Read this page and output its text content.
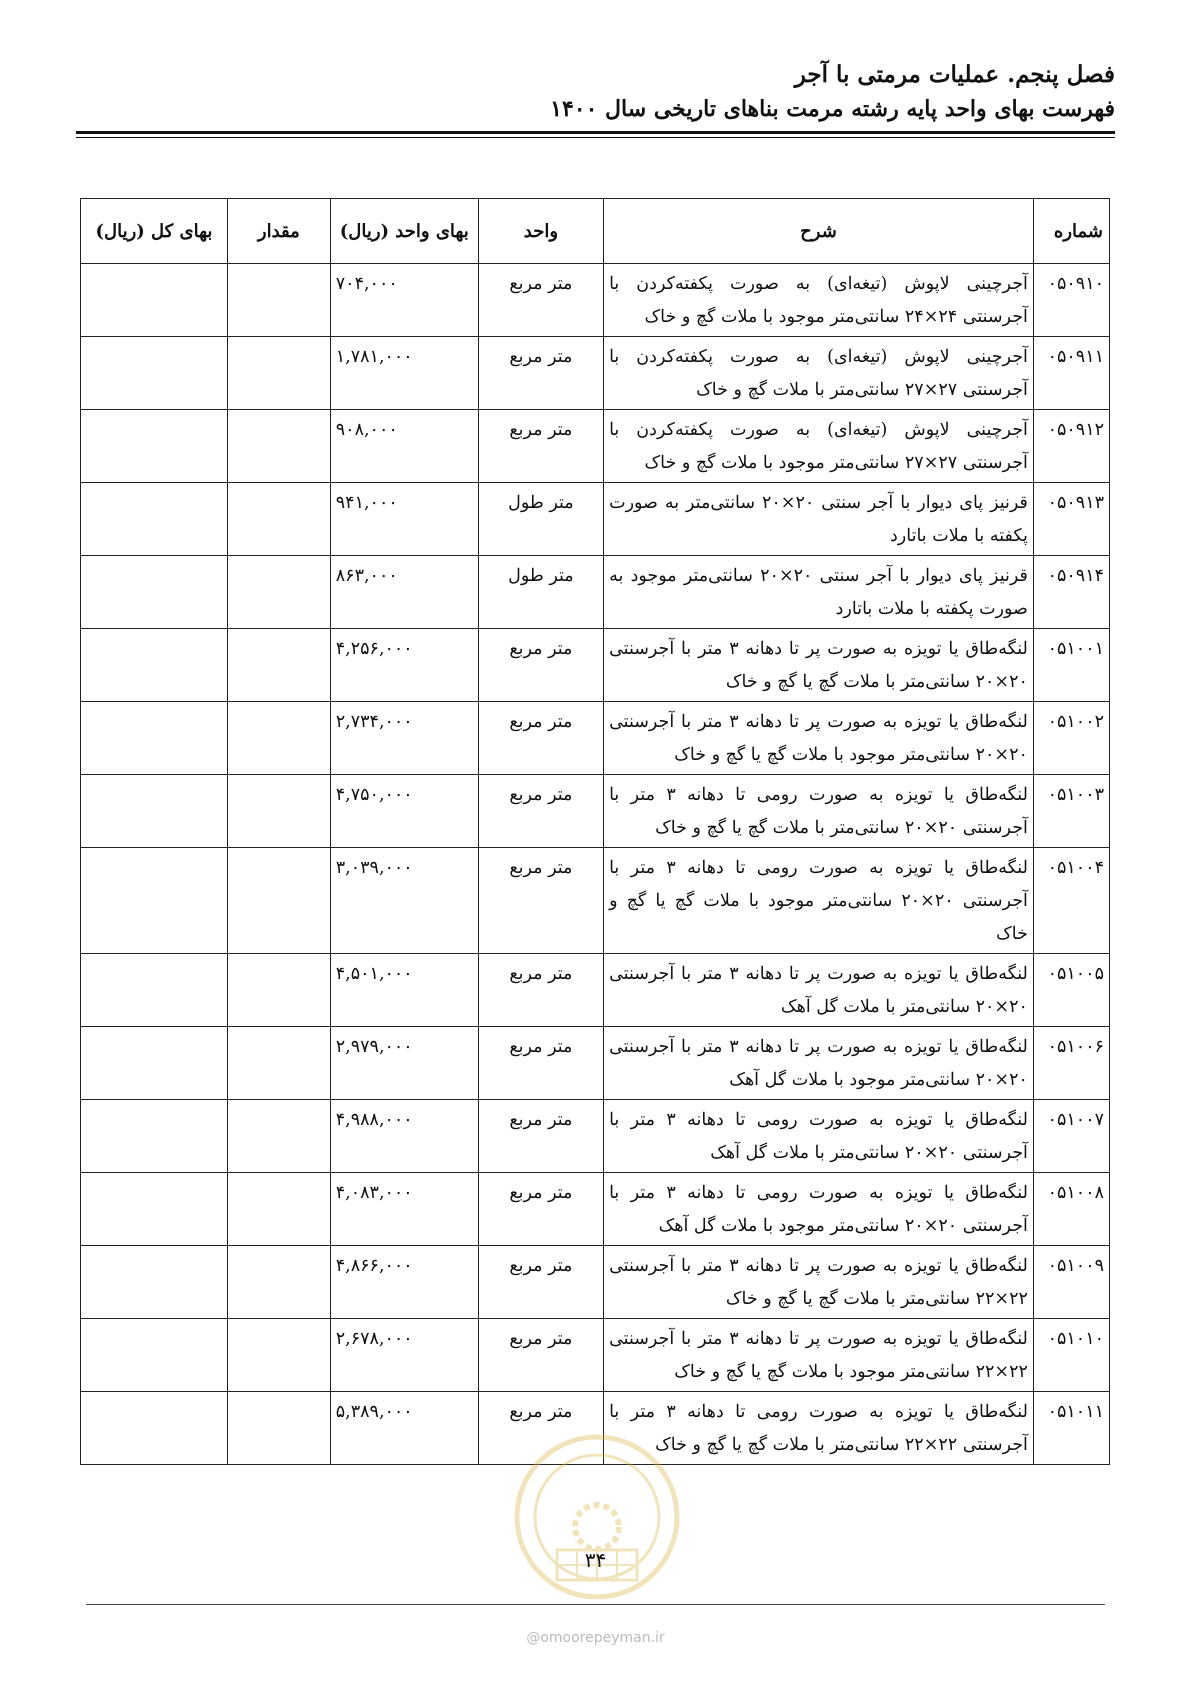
فصل پنجم. عملیات مرمتی با آجر
فهرست بهای واحد پایه رشته مرمت بناهای تاریخی سال ۱۴۰۰
شماره	شرح	واحد	بهای واحد (ریال)	مقدار	بهای کل (ریال)
۰۵۰۹۱۰	آجرچینی لاپوش (تیغه‌ای) به صورت پکفته‌کردن با آجرسنتی ۲۴×۲۴ سانتی‌متر موجود با ملات گچ و خاک	متر مربع	۷۰۴,۰۰۰		
۰۵۰۹۱۱	آجرچینی لاپوش (تیغه‌ای) به صورت پکفته‌کردن با آجرسنتی ۲۷×۲۷ سانتی‌متر با ملات گچ و خاک	متر مربع	۱,۷۸۱,۰۰۰		
۰۵۰۹۱۲	آجرچینی لاپوش (تیغه‌ای) به صورت پکفته‌کردن با آجرسنتی ۲۷×۲۷ سانتی‌متر موجود با ملات گچ و خاک	متر مربع	۹۰۸,۰۰۰		
۰۵۰۹۱۳	قرنیز پای دیوار با آجر سنتی ۲۰×۲۰ سانتی‌متر به صورت پکفته با ملات باتارد	متر طول	۹۴۱,۰۰۰		
۰۵۰۹۱۴	قرنیز پای دیوار با آجر سنتی ۲۰×۲۰ سانتی‌متر موجود به صورت پکفته با ملات باتارد	متر طول	۸۶۳,۰۰۰		
۰۵۱۰۰۱	لنگه‌طاق یا تویزه به صورت پر تا دهانه ۳ متر با آجرسنتی ۲۰×۲۰ سانتی‌متر با ملات گچ یا گچ و خاک	متر مربع	۴,۲۵۶,۰۰۰		
۰۵۱۰۰۲	لنگه‌طاق یا تویزه به صورت پر تا دهانه ۳ متر با آجرسنتی ۲۰×۲۰ سانتی‌متر موجود با ملات گچ یا گچ و خاک	متر مربع	۲,۷۳۴,۰۰۰		
۰۵۱۰۰۳	لنگه‌طاق یا تویزه به صورت رومی تا دهانه ۳ متر با آجرسنتی ۲۰×۲۰ سانتی‌متر با ملات گچ یا گچ و خاک	متر مربع	۴,۷۵۰,۰۰۰		
۰۵۱۰۰۴	لنگه‌طاق یا تویزه به صورت رومی تا دهانه ۳ متر با آجرسنتی ۲۰×۲۰ سانتی‌متر موجود با ملات گچ یا گچ و خاک	متر مربع	۳,۰۳۹,۰۰۰		
۰۵۱۰۰۵	لنگه‌طاق یا تویزه به صورت پر تا دهانه ۳ متر با آجرسنتی ۲۰×۲۰ سانتی‌متر با ملات گل آهک	متر مربع	۴,۵۰۱,۰۰۰		
۰۵۱۰۰۶	لنگه‌طاق یا تویزه به صورت پر تا دهانه ۳ متر با آجرسنتی ۲۰×۲۰ سانتی‌متر موجود با ملات گل آهک	متر مربع	۲,۹۷۹,۰۰۰		
۰۵۱۰۰۷	لنگه‌طاق یا تویزه به صورت رومی تا دهانه ۳ متر با آجرسنتی ۲۰×۲۰ سانتی‌متر با ملات گل آهک	متر مربع	۴,۹۸۸,۰۰۰		
۰۵۱۰۰۸	لنگه‌طاق یا تویزه به صورت رومی تا دهانه ۳ متر با آجرسنتی ۲۰×۲۰ سانتی‌متر موجود با ملات گل آهک	متر مربع	۴,۰۸۳,۰۰۰		
۰۵۱۰۰۹	لنگه‌طاق یا تویزه به صورت پر تا دهانه ۳ متر با آجرسنتی ۲۲×۲۲ سانتی‌متر با ملات گچ یا گچ و خاک	متر مربع	۴,۸۶۶,۰۰۰		
۰۵۱۰۱۰	لنگه‌طاق یا تویزه به صورت پر تا دهانه ۳ متر با آجرسنتی ۲۲×۲۲ سانتی‌متر موجود با ملات گچ یا گچ و خاک	متر مربع	۲,۶۷۸,۰۰۰		
۰۵۱۰۱۱	لنگه‌طاق یا تویزه به صورت رومی تا دهانه ۳ متر با آجرسنتی ۲۲×۲۲ سانتی‌متر با ملات گچ یا گچ و خاک	متر مربع	۵,۳۸۹,۰۰۰		
۳۴
@omoorepeyman.ir
